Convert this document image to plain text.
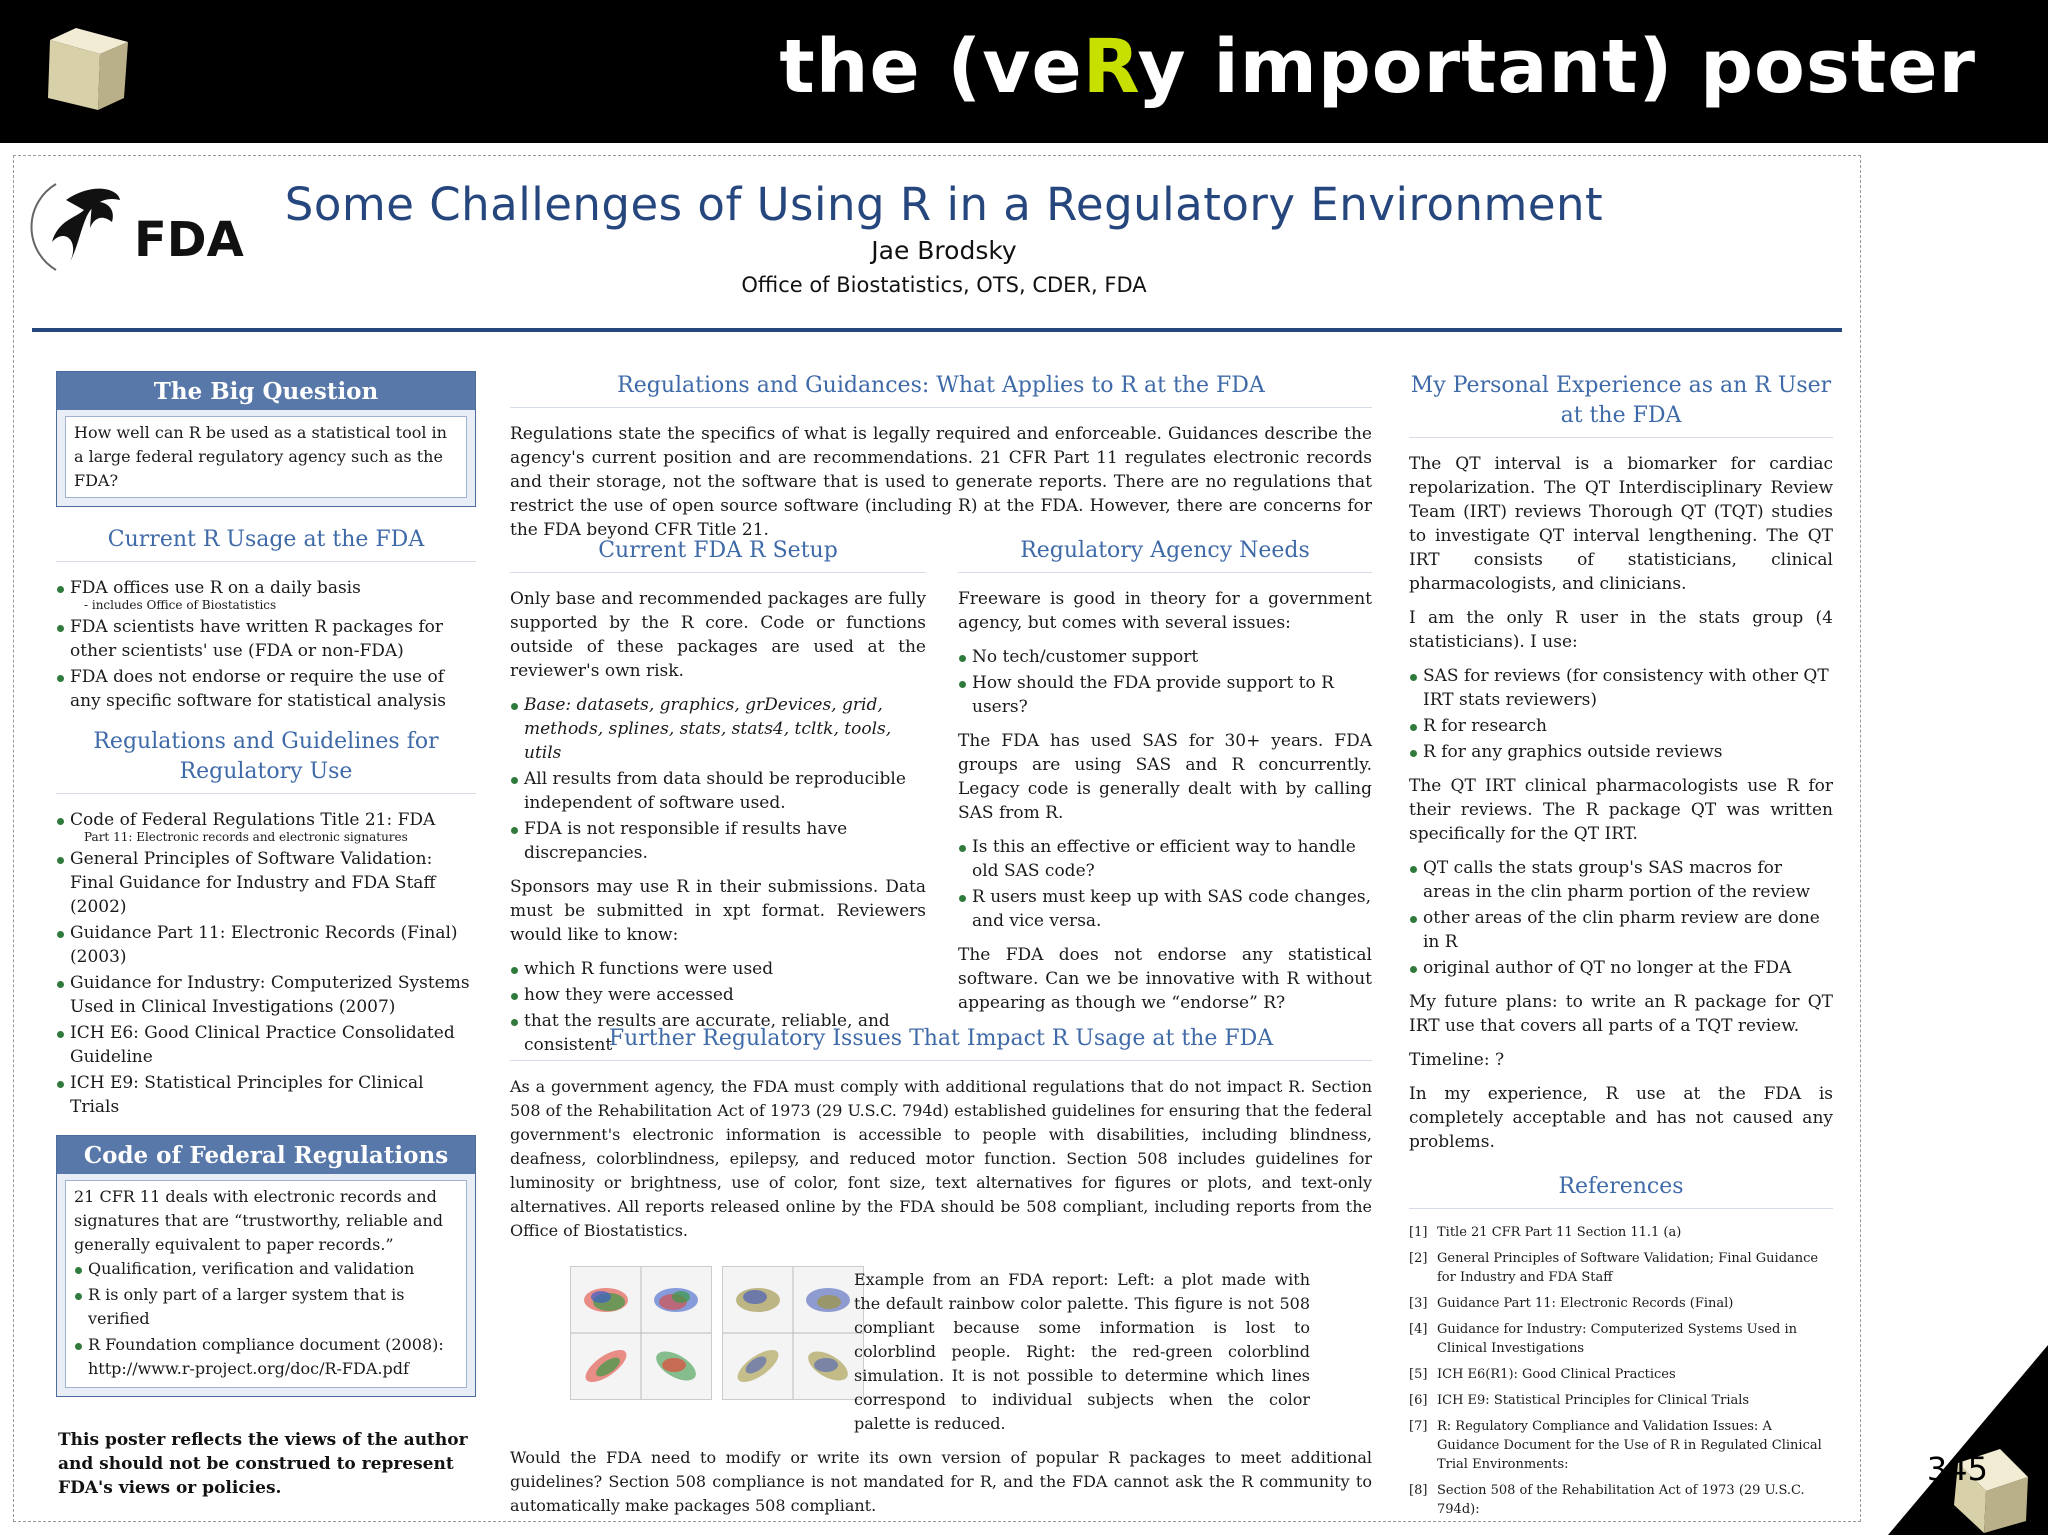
the (veRy important) poster
FDA
Some Challenges of Using R in a Regulatory Environment
Jae Brodsky
Office of Biostatistics, OTS, CDER, FDA
The Big Question
How well can R be used as a statistical tool in a large federal regulatory agency such as the FDA?
Current R Usage at the FDA
FDA offices use R on a daily basis
- includes Office of Biostatistics
FDA scientists have written R packages for other scientists' use (FDA or non-FDA)
FDA does not endorse or require the use of any specific software for statistical analysis
Regulations and Guidelines for Regulatory Use
Code of Federal Regulations Title 21: FDA
Part 11: Electronic records and electronic signatures
General Principles of Software Validation: Final Guidance for Industry and FDA Staff (2002)
Guidance Part 11: Electronic Records (Final) (2003)
Guidance for Industry: Computerized Systems Used in Clinical Investigations (2007)
ICH E6: Good Clinical Practice Consolidated Guideline
ICH E9: Statistical Principles for Clinical Trials
Code of Federal Regulations
21 CFR 11 deals with electronic records and signatures that are “trustworthy, reliable and generally equivalent to paper records.”
Qualification, verification and validation
R is only part of a larger system that is verified
R Foundation compliance document (2008): http://www.r-project.org/doc/R-FDA.pdf
This poster reflects the views of the author and should not be construed to represent FDA's views or policies.
Regulations and Guidances: What Applies to R at the FDA
Regulations state the specifics of what is legally required and enforceable. Guidances describe the agency's current position and are recommendations. 21 CFR Part 11 regulates electronic records and their storage, not the software that is used to generate reports. There are no regulations that restrict the use of open source software (including R) at the FDA. However, there are concerns for the FDA beyond CFR Title 21.
Current FDA R Setup
Only base and recommended packages are fully supported by the R core. Code or functions outside of these packages are used at the reviewer's own risk.
Base: datasets, graphics, grDevices, grid, methods, splines, stats, stats4, tcltk, tools, utils
All results from data should be reproducible independent of software used.
FDA is not responsible if results have discrepancies.
Sponsors may use R in their submissions. Data must be submitted in xpt format. Reviewers would like to know:
which R functions were used
how they were accessed
that the results are accurate, reliable, and consistent
Regulatory Agency Needs
Freeware is good in theory for a government agency, but comes with several issues:
No tech/customer support
How should the FDA provide support to R users?
The FDA has used SAS for 30+ years. FDA groups are using SAS and R concurrently. Legacy code is generally dealt with by calling SAS from R.
Is this an effective or efficient way to handle old SAS code?
R users must keep up with SAS code changes, and vice versa.
The FDA does not endorse any statistical software. Can we be innovative with R without appearing as though we “endorse” R?
Further Regulatory Issues That Impact R Usage at the FDA
As a government agency, the FDA must comply with additional regulations that do not impact R. Section 508 of the Rehabilitation Act of 1973 (29 U.S.C. 794d) established guidelines for ensuring that the federal government's electronic information is accessible to people with disabilities, including blindness, deafness, colorblindness, epilepsy, and reduced motor function. Section 508 includes guidelines for luminosity or brightness, use of color, font size, text alternatives for figures or plots, and text-only alternatives. All reports released online by the FDA should be 508 compliant, including reports from the Office of Biostatistics.
Example from an FDA report: Left: a plot made with the default rainbow color palette. This figure is not 508 compliant because some information is lost to colorblind people. Right: the red-green colorblind simulation. It is not possible to determine which lines correspond to individual subjects when the color palette is reduced.
Would the FDA need to modify or write its own version of popular R packages to meet additional guidelines? Section 508 compliance is not mandated for R, and the FDA cannot ask the R community to automatically make packages 508 compliant.
My Personal Experience as an R User at the FDA
The QT interval is a biomarker for cardiac repolarization. The QT Interdisciplinary Review Team (IRT) reviews Thorough QT (TQT) studies to investigate QT interval lengthening. The QT IRT consists of statisticians, clinical pharmacologists, and clinicians.
I am the only R user in the stats group (4 statisticians). I use:
SAS for reviews (for consistency with other QT IRT stats reviewers)
R for research
R for any graphics outside reviews
The QT IRT clinical pharmacologists use R for their reviews. The R package QT was written specifically for the QT IRT.
QT calls the stats group's SAS macros for areas in the clin pharm portion of the review
other areas of the clin pharm review are done in R
original author of QT no longer at the FDA
My future plans: to write an R package for QT IRT use that covers all parts of a TQT review.
Timeline: ?
In my experience, R use at the FDA is completely acceptable and has not caused any problems.
References
[1] Title 21 CFR Part 11 Section 11.1 (a)
[2] General Principles of Software Validation; Final Guidance for Industry and FDA Staff
[3] Guidance Part 11: Electronic Records (Final)
[4] Guidance for Industry: Computerized Systems Used in Clinical Investigations
[5] ICH E6(R1): Good Clinical Practices
[6] ICH E9: Statistical Principles for Clinical Trials
[7] R: Regulatory Compliance and Validation Issues: A Guidance Document for the Use of R in Regulated Clinical Trial Environments:
[8] Section 508 of the Rehabilitation Act of 1973 (29 U.S.C. 794d):
345
